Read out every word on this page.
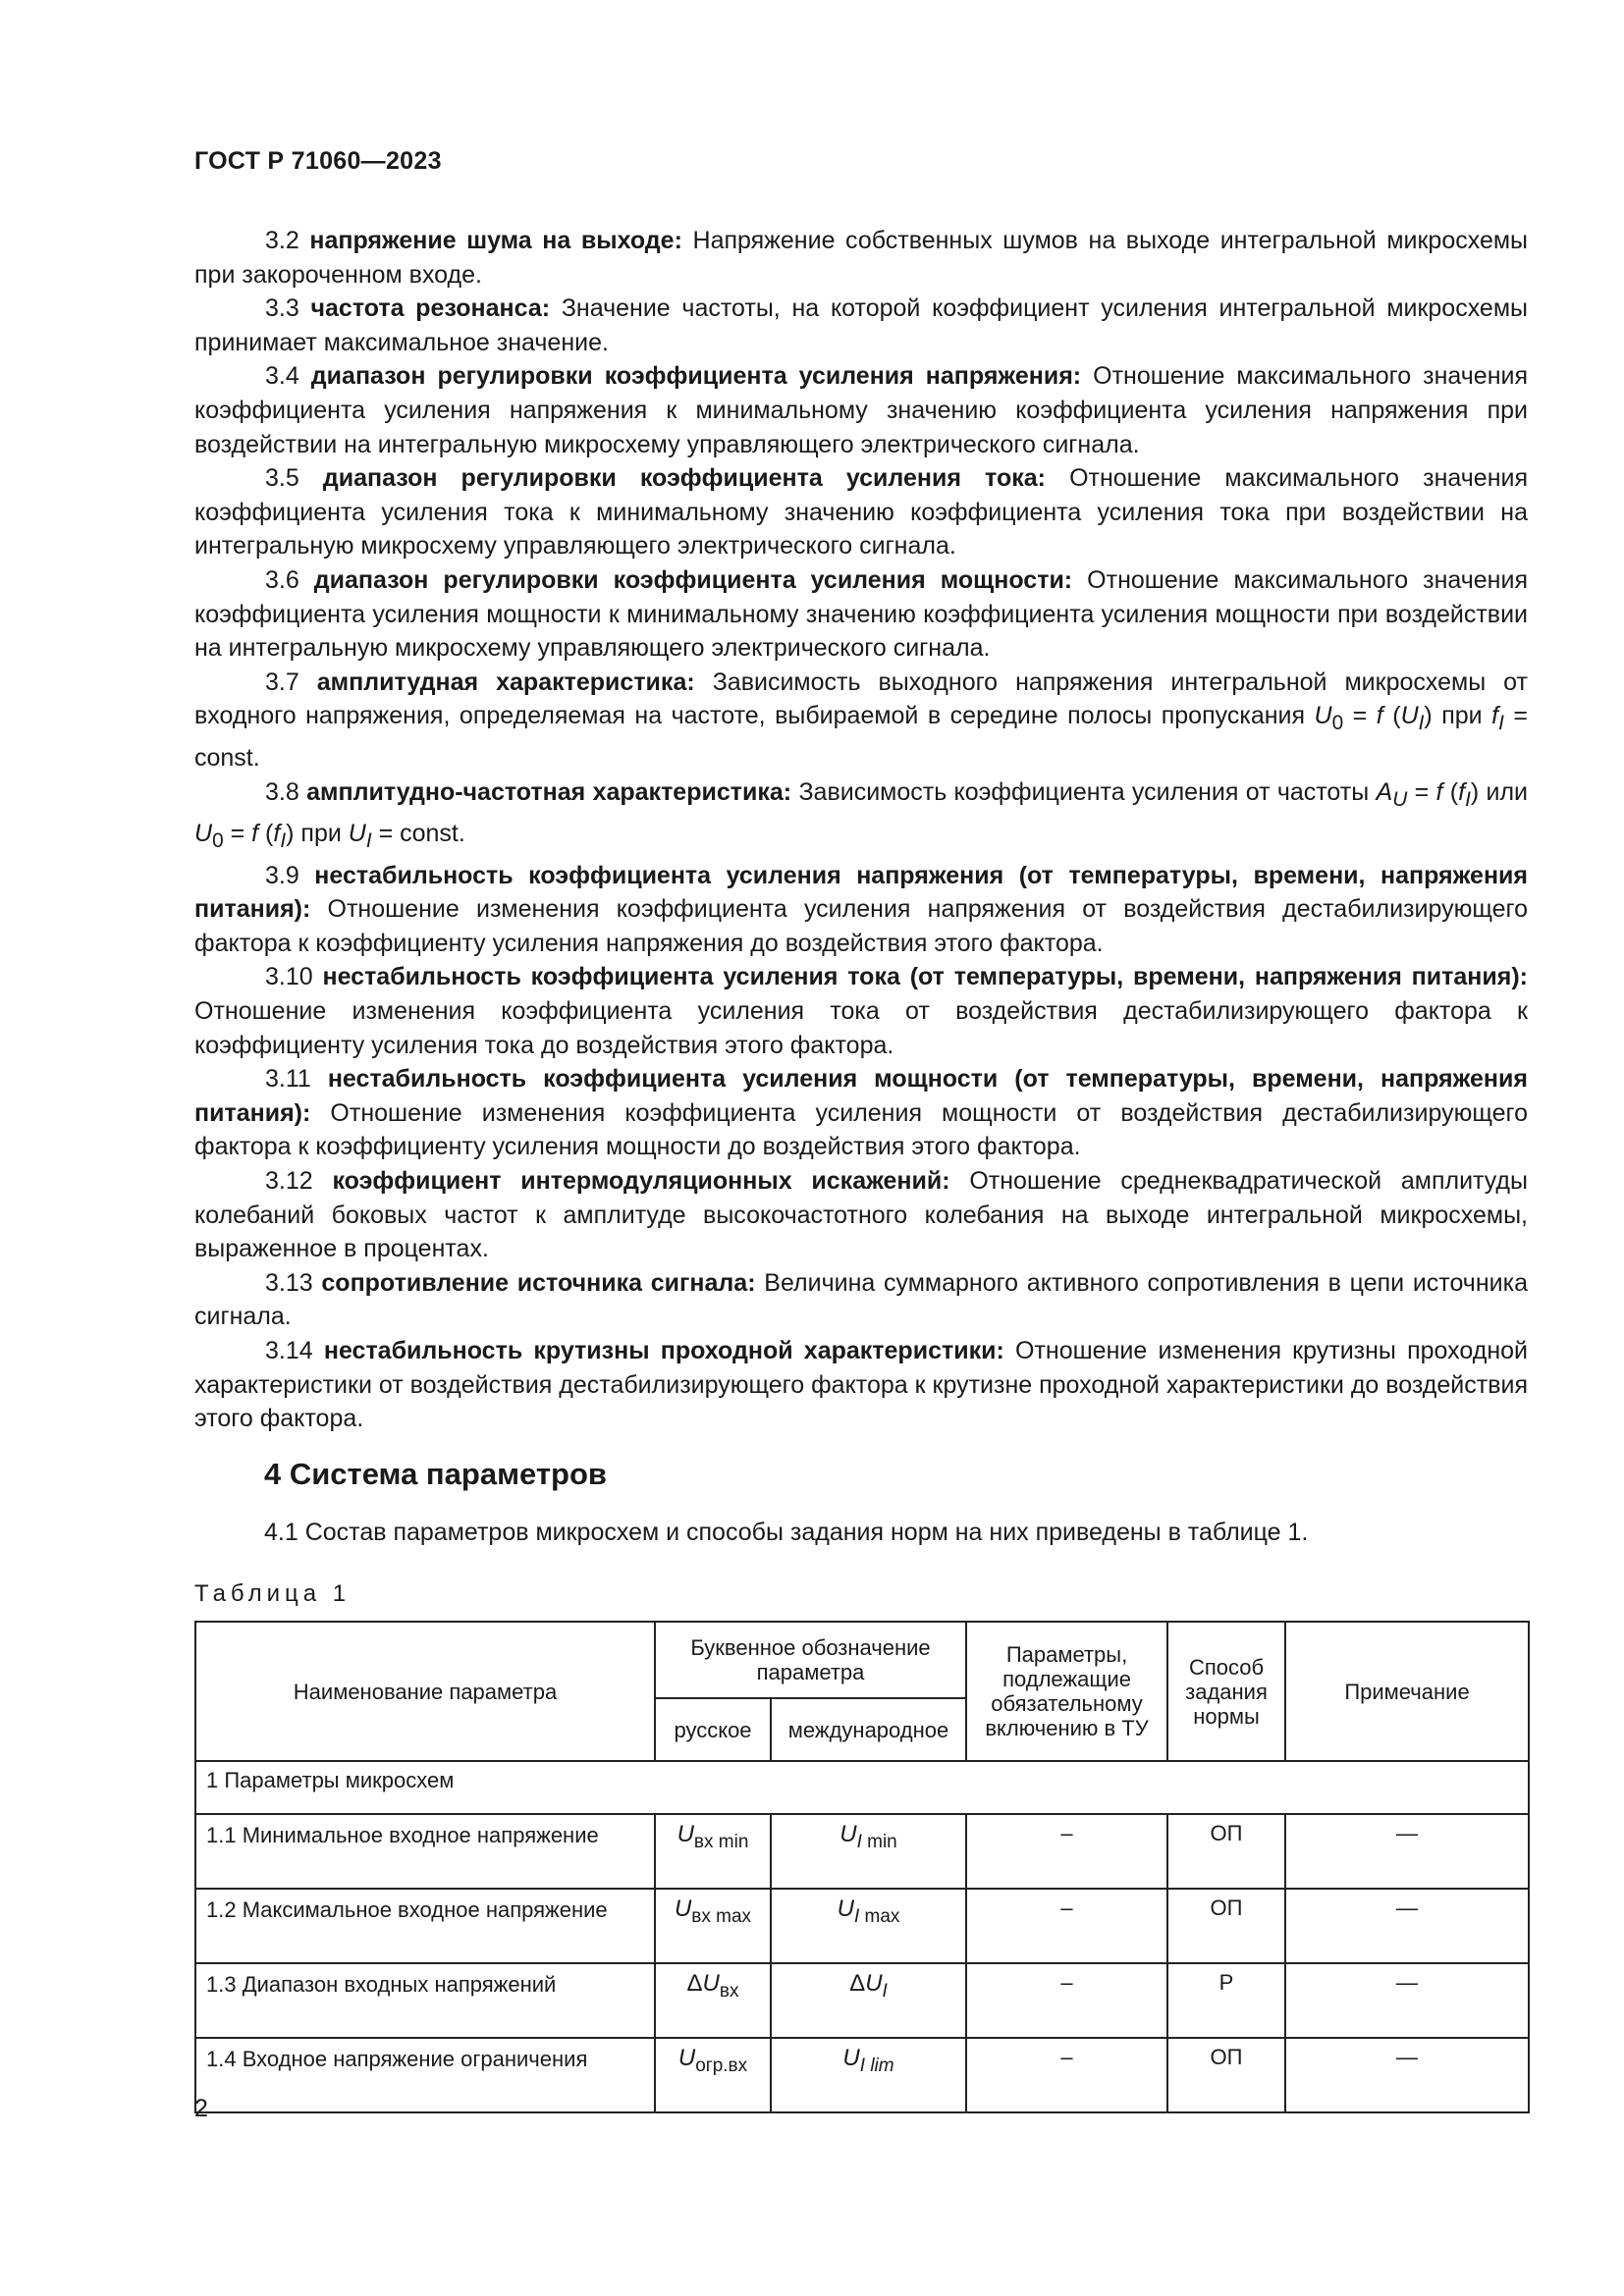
ГОСТ Р 71060—2023

3.2 напряжение шума на выходе: Напряжение собственных шумов на выходе интегральной микросхемы при закороченном входе.

3.3 частота резонанса: Значение частоты, на которой коэффициент усиления интегральной микросхемы принимает максимальное значение.

3.4 диапазон регулировки коэффициента усиления напряжения: Отношение максимального значения коэффициента усиления напряжения к минимальному значению коэффициента усиления напряжения при воздействии на интегральную микросхему управляющего электрического сигнала.

3.5 диапазон регулировки коэффициента усиления тока: Отношение максимального значения коэффициента усиления тока к минимальному значению коэффициента усиления тока при воздействии на интегральную микросхему управляющего электрического сигнала.

3.6 диапазон регулировки коэффициента усиления мощности: Отношение максимального значения коэффициента усиления мощности к минимальному значению коэффициента усиления мощности при воздействии на интегральную микросхему управляющего электрического сигнала.

3.7 амплитудная характеристика: Зависимость выходного напряжения интегральной микросхемы от входного напряжения, определяемая на частоте, выбираемой в середине полосы пропускания $U_0 = f$ $(U_I)$ при $f_I$ = const.

3.8 амплитудно-частотная характеристика: Зависимость коэффициента усиления от частоты $A_U = f$ $(f_I)$ или $U_0 = f$ $(f_I)$ при $U_I$ = const.

3.9 нестабильность коэффициента усиления напряжения (от температуры, времени, напряжения питания): Отношение изменения коэффициента усиления напряжения от воздействия дестабилизирующего фактора к коэффициенту усиления напряжения до воздействия этого фактора.

3.10 нестабильность коэффициента усиления тока (от температуры, времени, напряжения питания): Отношение изменения коэффициента усиления тока от воздействия дестабилизирующего фактора к коэффициенту усиления тока до воздействия этого фактора.

3.11 нестабильность коэффициента усиления мощности (от температуры, времени, напряжения питания): Отношение изменения коэффициента усиления мощности от воздействия дестабилизирующего фактора к коэффициенту усиления мощности до воздействия этого фактора.

3.12 коэффициент интермодуляционных искажений: Отношение среднеквадратической амплитуды колебаний боковых частот к амплитуде высокочастотного колебания на выходе интегральной микросхемы, выраженное в процентах.

3.13 сопротивление источника сигнала: Величина суммарного активного сопротивления в цепи источника сигнала.

3.14 нестабильность крутизны проходной характеристики: Отношение изменения крутизны проходной характеристики от воздействия дестабилизирующего фактора к крутизне проходной характеристики до воздействия этого фактора.

4 Система параметров

4.1 Состав параметров микросхем и способы задания норм на них приведены в таблице 1.

Таблица 1

Наименование параметра	Буквенное обозначение параметра		Параметры, подлежащие обязательному включению в ТУ	Способ задания нормы	Примечание
	русское	международное			
1 Параметры микросхем					
1.1 Минимальное входное напряжение	$U_{вх min}$	$U_I$ $_{min}$	–	ОП	—
1.2 Максимальное входное напряжение	$U_{вх max}$	$U_I$ $_{max}$	–	ОП	—
1.3 Диапазон входных напряжений	$\Delta U_{вх}$	$\Delta U_I$	–	Р	—
1.4 Входное напряжение ограничения	$U_{огр.вх}$	$U_{I lim}$	–	ОП	—

2
